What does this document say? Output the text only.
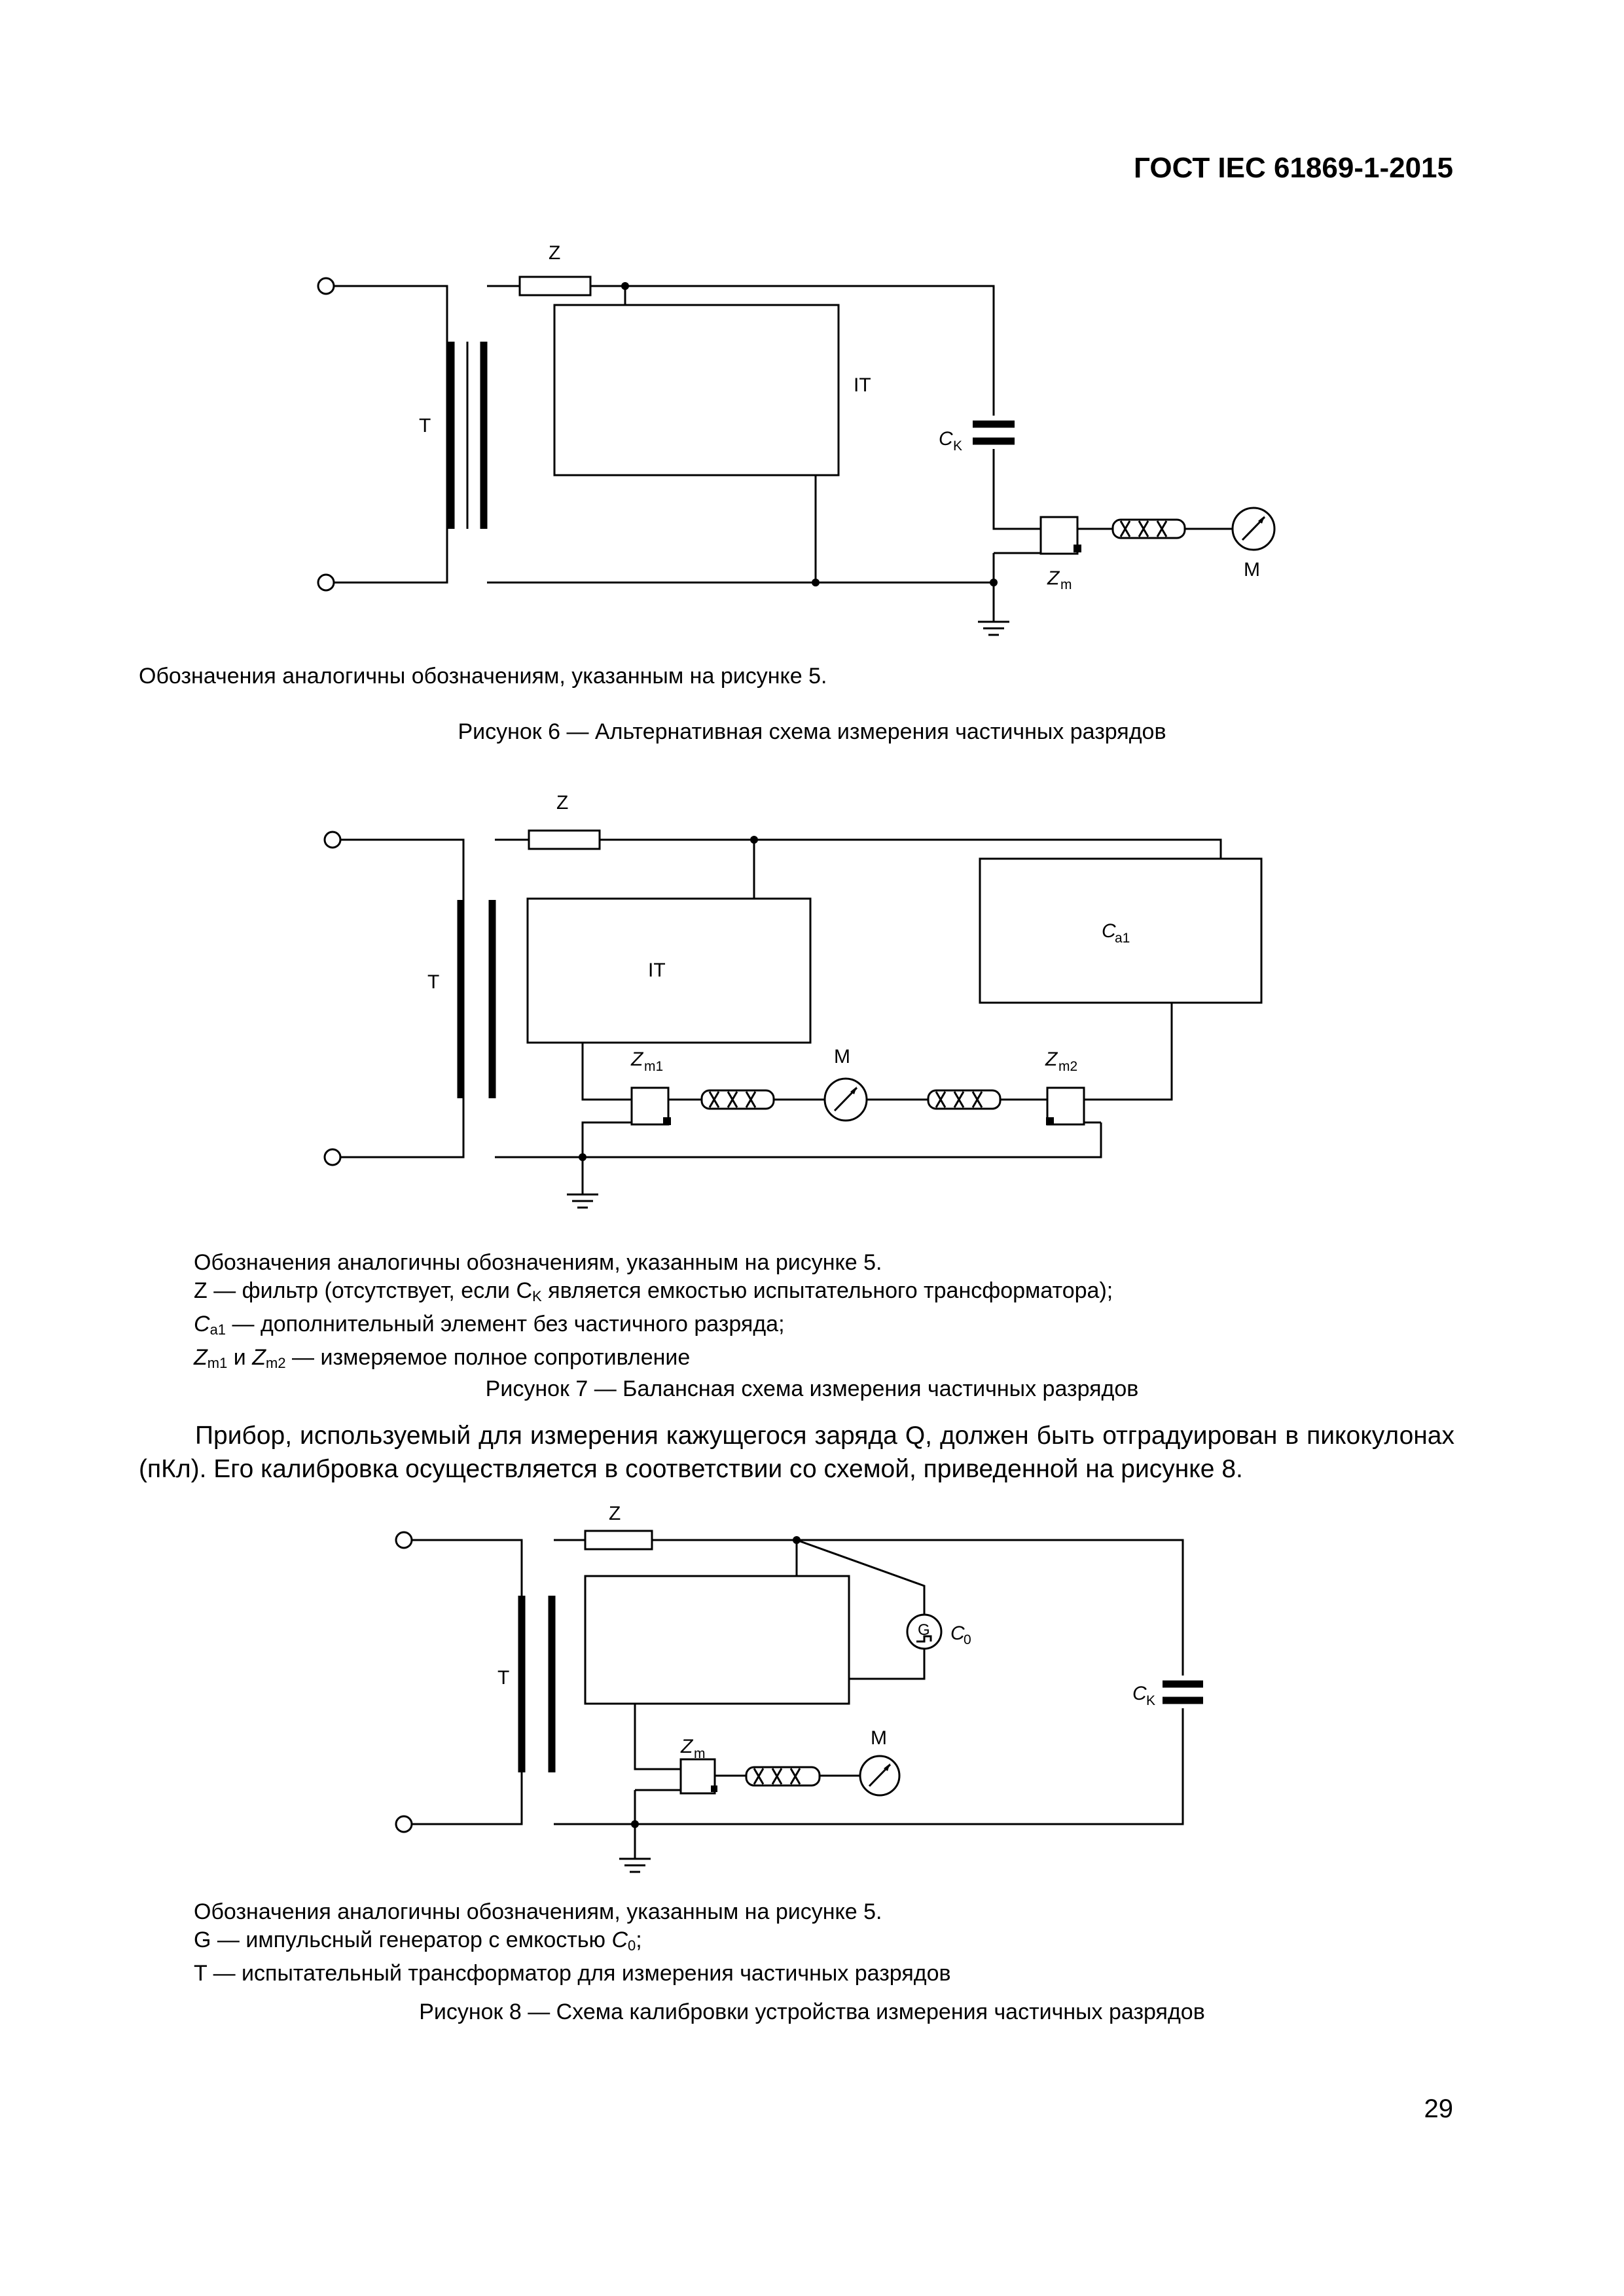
ГОСТ IEC 61869-1-2015
Z
T
IT
C K
Z m
M
Обозначения аналогичны обозначениям, указанным на рисунке 5.
Рисунок 6 — Альтернативная схема измерения частичных разрядов
Z
T
IT
C
a1
Z m1	M	Z m2
Обозначения аналогичны обозначениям, указанным на рисунке 5.
Z — фильтр (отсутствует, если $C_K$ является емкостью испытательного трансформатора);
$C_{a1}$ — дополнительный элемент без частичного разряда;
$Z_{m1}$ и $Z_{m2}$ — измеряемое полное сопротивление
Рисунок 7 — Балансная схема измерения частичных разрядов
Прибор, используемый для измерения кажущегося заряда Q, должен быть отградуирован в пикокулонах (пКл). Его калибровка осуществляется в соответствии со схемой, приведенной на рисунке 8.
Z
T
G C
0
C K
Z m
M
Обозначения аналогичны обозначениям, указанным на рисунке 5.
G — импульсный генератор с емкостью $C_0$;
T — испытательный трансформатор для измерения частичных разрядов
Рисунок 8 — Схема калибровки устройства измерения частичных разрядов
29
